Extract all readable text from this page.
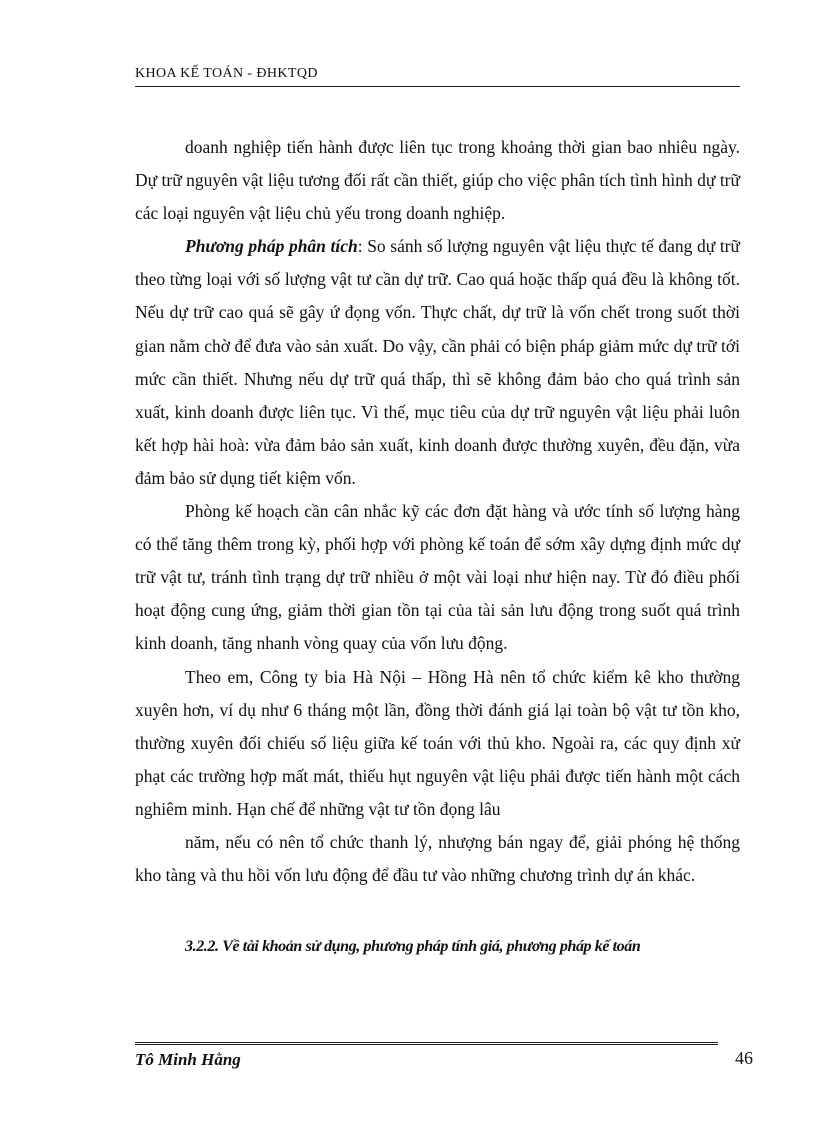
KHOA KẾ TOÁN - ĐHKTQD

doanh nghiệp tiến hành được liên tục trong khoảng thời gian bao nhiêu ngày. Dự trữ nguyên vật liệu tương đối rất cần thiết, giúp cho việc phân tích tình hình dự trữ các loại nguyên vật liệu chủ yếu trong doanh nghiệp.

Phương pháp phân tích: So sánh số lượng nguyên vật liệu thực tế đang dự trữ theo từng loại với số lượng vật tư cần dự trữ. Cao quá hoặc thấp quá đều là không tốt. Nếu dự trữ cao quá sẽ gây ứ đọng vốn. Thực chất, dự trữ là vốn chết trong suốt thời gian nằm chờ để đưa vào sản xuất. Do vậy, cần phải có biện pháp giảm mức dự trữ tới mức cần thiết. Nhưng nếu dự trữ quá thấp, thì sẽ không đảm bảo cho quá trình sản xuất, kinh doanh được liên tục. Vì thế, mục tiêu của dự trữ nguyên vật liệu phải luôn kết hợp hài hoà: vừa đảm bảo sản xuất, kinh doanh được thường xuyên, đều đặn, vừa đảm bảo sử dụng tiết kiệm vốn.

Phòng kế hoạch cần cân nhắc kỹ các đơn đặt hàng và ước tính số lượng hàng có thể tăng thêm trong kỳ, phối hợp với phòng kế toán để sớm xây dựng định mức dự trữ vật tư, tránh tình trạng dự trữ nhiều ở một vài loại như hiện nay. Từ đó điều phối hoạt động cung ứng, giảm thời gian tồn tại của tài sản lưu động trong suốt quá trình kinh doanh, tăng nhanh vòng quay của vốn lưu động.

Theo em, Công ty bia Hà Nội – Hồng Hà nên tổ chức kiểm kê kho thường xuyên hơn, ví dụ như 6 tháng một lần, đồng thời đánh giá lại toàn bộ vật tư tồn kho, thường xuyên đối chiếu số liệu giữa kế toán với thủ kho. Ngoài ra, các quy định xử phạt các trường hợp mất mát, thiếu hụt nguyên vật liệu phải được tiến hành một cách nghiêm minh. Hạn chế để những vật tư tồn đọng lâu

năm, nếu có nên tổ chức thanh lý, nhượng bán ngay để, giải phóng hệ thống kho tàng và thu hồi vốn lưu động để đầu tư vào những chương trình dự án khác.

3.2.2. Về tài khoản sử dụng, phương pháp tính giá, phương pháp kế toán
Tô Minh Hằng	46
